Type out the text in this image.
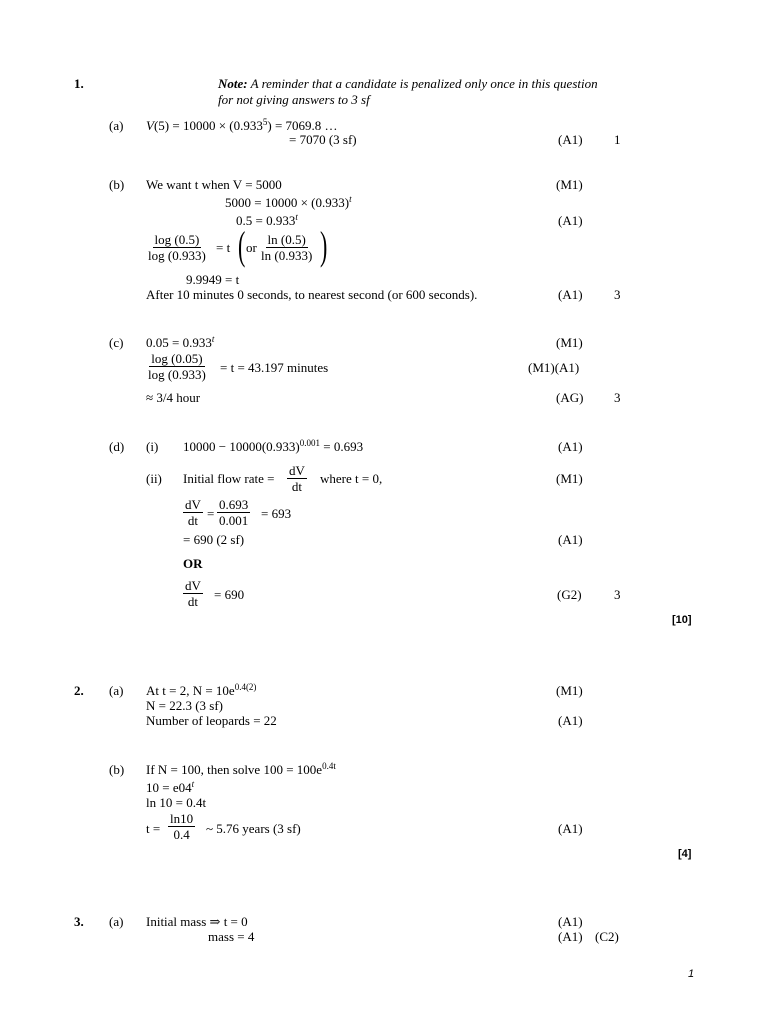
1.	Note: A reminder that a candidate is penalized only once in this question
for not giving answers to 3 sf
(a) $V(5) = 10000 \times (0.933^5) = 7069.8$ …
= 7070 (3 sf)	(A1) 1
(b) We want t when V = 5000	(M1)
$5000 = 10000 \times (0.933)^t$
$0.5 = 0.933^t$	(A1)
$\frac{\log (0.5)}{\log (0.933)} = t$ ( or $\frac{\ln (0.5)}{\ln (0.933)}$ )
9.9949 = t
After 10 minutes 0 seconds, to nearest second (or 600 seconds).	(A1) 3
(c) $0.05 = 0.933^t$	(M1)
$\frac{\log (0.05)}{\log (0.933)} = t = 43.197$ minutes	(M1)(A1)
≈ 3/4 hour	(AG) 3
(d) (i) $10000 - 10000(0.933)^{0.001} = 0.693$	(A1)
(ii) Initial flow rate = $\frac{dV}{dt}$ where t = 0,	(M1)
$\frac{dV}{dt} = \frac{0.693}{0.001} = 693$
= 690 (2 sf)	(A1)
OR
$\frac{dV}{dt} = 690$	(G2) 3
[10]
2. (a) At t = 2, $N = 10e^{0.4(2)}$	(M1)
N = 22.3 (3 sf)
Number of leopards = 22	(A1)
(b) If N = 100, then solve $100 = 100e^{0.4t}$
$10 = e04^t$
ln 10 = 0.4t
$t = \frac{\ln 10}{0.4}$ ~ 5.76 years (3 sf)	(A1)
[4]
3. (a) Initial mass ⇒ t = 0	(A1)
mass = 4	(A1) (C2)
1
